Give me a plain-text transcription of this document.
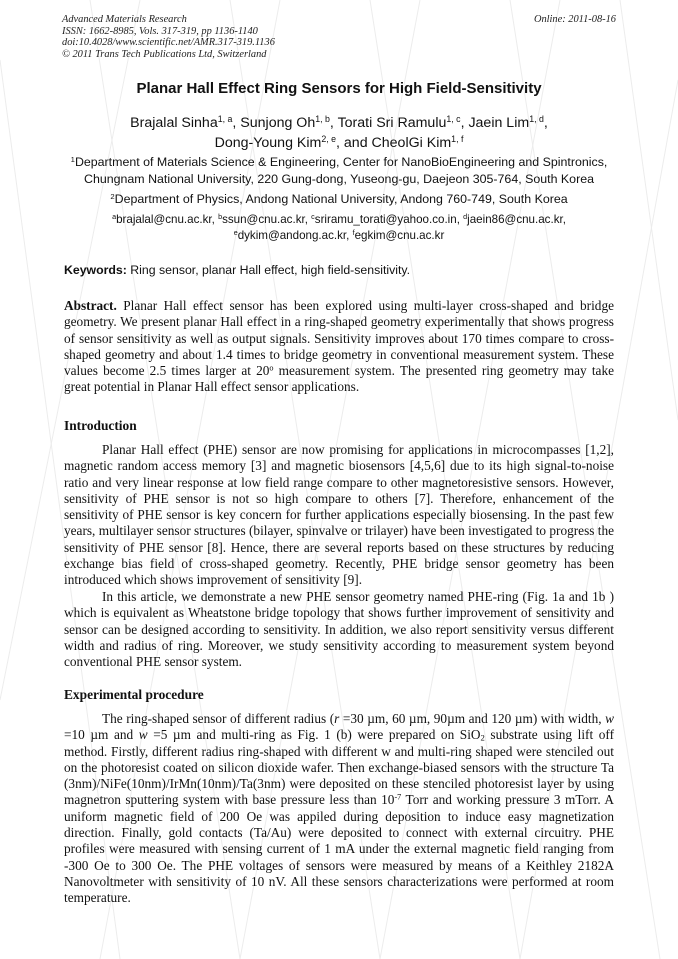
Advanced Materials Research
ISSN: 1662-8985, Vols. 317-319, pp 1136-1140
doi:10.4028/www.scientific.net/AMR.317-319.1136
© 2011 Trans Tech Publications Ltd, Switzerland
Online: 2011-08-16
Planar Hall Effect Ring Sensors for High Field-Sensitivity
Brajalal Sinha$^{1, a}$, Sunjong Oh$^{1, b}$, Torati Sri Ramulu$^{1, c}$, Jaein Lim$^{1, d}$,
Dong-Young Kim$^{2, e}$, and CheolGi Kim$^{1, f}$
$^1$Department of Materials Science & Engineering, Center for NanoBioEngineering and Spintronics,
Chungnam National University, 220 Gung-dong, Yuseong-gu, Daejeon 305-764, South Korea
$^2$Department of Physics, Andong National University, Andong 760-749, South Korea
$^a$brajalal@cnu.ac.kr, $^b$ssun@cnu.ac.kr, $^c$sriramu_torati@yahoo.co.in, $^d$jaein86@cnu.ac.kr,
$^e$dykim@andong.ac.kr, $^f$egkim@cnu.ac.kr
Keywords: Ring sensor, planar Hall effect, high field-sensitivity.
Abstract. Planar Hall effect sensor has been explored using multi-layer cross-shaped and bridge geometry. We present planar Hall effect in a ring-shaped geometry experimentally that shows progress of sensor sensitivity as well as output signals. Sensitivity improves about 170 times compare to cross-shaped geometry and about 1.4 times to bridge geometry in conventional measurement system. These values become 2.5 times larger at 20$^o$ measurement system. The presented ring geometry may take great potential in Planar Hall effect sensor applications.
Introduction
Planar Hall effect (PHE) sensor are now promising for applications in microcompasses [1,2], magnetic random access memory [3] and magnetic biosensors [4,5,6] due to its high signal-to-noise ratio and very linear response at low field range compare to other magnetoresistive sensors. However, sensitivity of PHE sensor is not so high compare to others [7]. Therefore, enhancement of the sensitivity of PHE sensor is key concern for further applications especially biosensing. In the past few years, multilayer sensor structures (bilayer, spinvalve or trilayer) have been investigated to progress the sensitivity of PHE sensor [8]. Hence, there are several reports based on these structures by reducing exchange bias field of cross-shaped geometry. Recently, PHE bridge sensor geometry has been introduced which shows improvement of sensitivity [9].
In this article, we demonstrate a new PHE sensor geometry named PHE-ring (Fig. 1a and 1b ) which is equivalent as Wheatstone bridge topology that shows further improvement of sensitivity and sensor can be designed according to sensitivity. In addition, we also report sensitivity versus different width and radius of ring. Moreover, we study sensitivity according to measurement system beyond conventional PHE sensor system.
Experimental procedure
The ring-shaped sensor of different radius (r =30 µm, 60 µm, 90µm and 120 µm) with width, w =10 µm and w =5 µm and multi-ring as Fig. 1 (b) were prepared on SiO$_2$ substrate using lift off method. Firstly, different radius ring-shaped with different w and multi-ring shaped were stenciled out on the photoresist coated on silicon dioxide wafer. Then exchange-biased sensors with the structure Ta (3nm)/NiFe(10nm)/IrMn(10nm)/Ta(3nm) were deposited on these stenciled photoresist layer by using magnetron sputtering system with base pressure less than $10^{-7}$ Torr and working pressure 3 mTorr. A uniform magnetic field of 200 Oe was appiled during deposition to induce easy magnetization direction. Finally, gold contacts (Ta/Au) were deposited to connect with external circuitry. PHE profiles were measured with sensing current of 1 mA under the external magnetic field ranging from -300 Oe to 300 Oe. The PHE voltages of sensors were measured by means of a Keithley 2182A Nanovoltmeter with sensitivity of 10 nV. All these sensors characterizations were performed at room temperature.
